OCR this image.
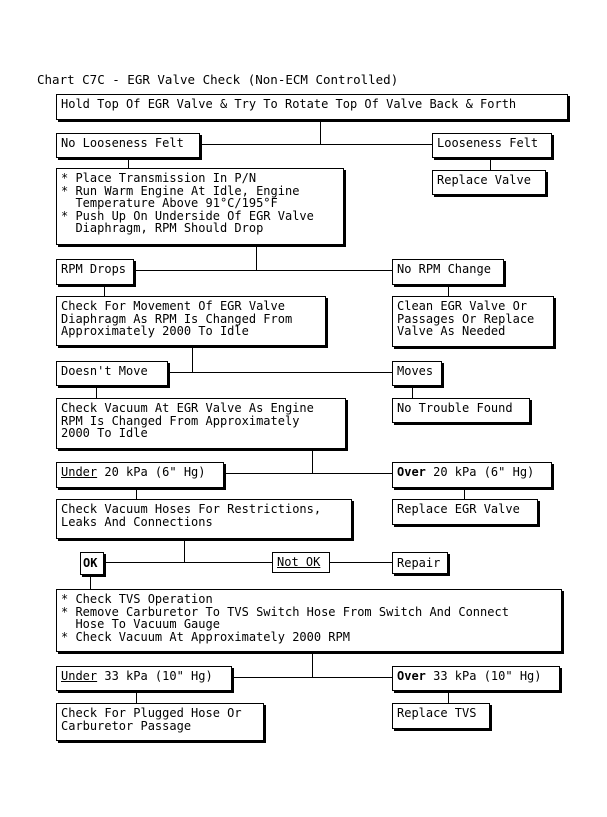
Chart C7C - EGR Valve Check (Non-ECM Controlled)
Hold Top Of EGR Valve & Try To Rotate Top Of Valve Back & Forth
No Looseness Felt	Looseness Felt
Replace Valve
* Place Transmission In P/N
* Run Warm Engine At Idle, Engine
Temperature Above 91°C/195°F
* Push Up On Underside Of EGR Valve
Diaphragm, RPM Should Drop
RPM Drops	No RPM Change
Check For Movement Of EGR Valve
Diaphragm As RPM Is Changed From
Approximately 2000 To Idle
Clean EGR Valve Or
Passages Or Replace
Valve As Needed
Doesn't Move	Moves
Check Vacuum At EGR Valve As Engine
RPM Is Changed From Approximately
2000 To Idle
No Trouble Found
Under 20 kPa (6" Hg)	Over 20 kPa (6" Hg)
Check Vacuum Hoses For Restrictions,
Leaks And Connections
Replace EGR Valve
OK	Not OK	Repair
* Check TVS Operation
* Remove Carburetor To TVS Switch Hose From Switch And Connect
Hose To Vacuum Gauge
* Check Vacuum At Approximately 2000 RPM
Under 33 kPa (10" Hg)	Over 33 kPa (10" Hg)
Check For Plugged Hose Or
Carburetor Passage
Replace TVS
